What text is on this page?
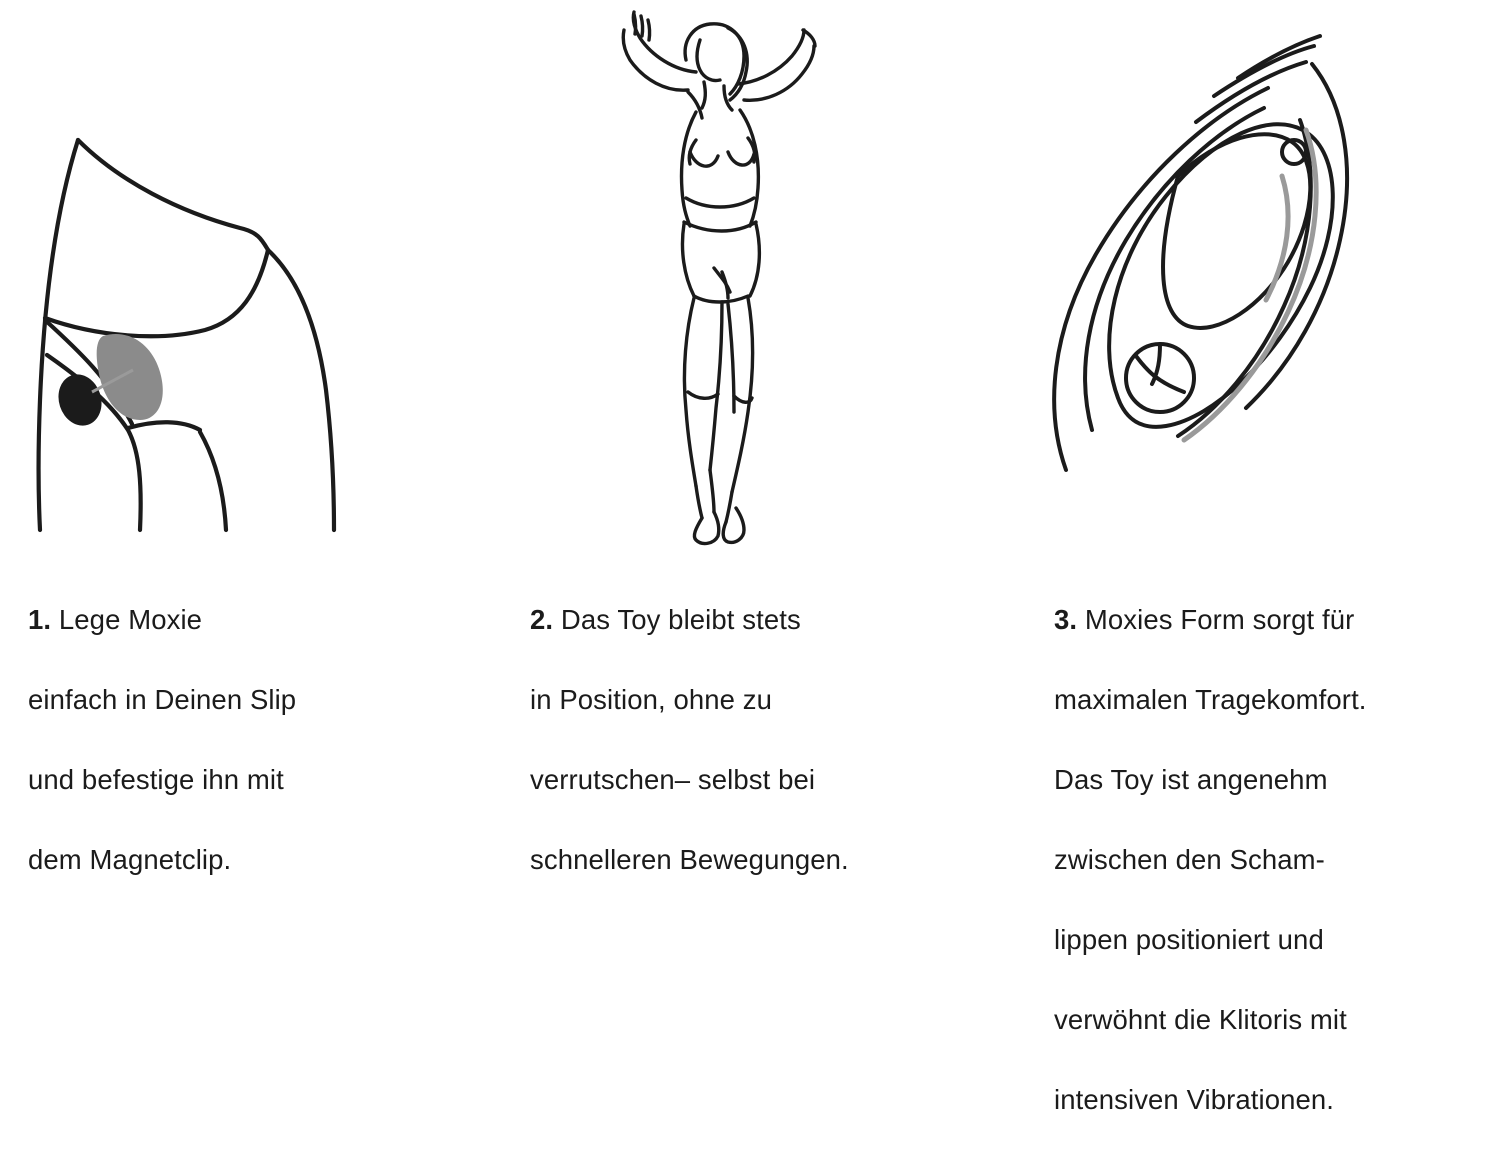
1. Lege Moxie

einfach in Deinen Slip

und befestige ihn mit

dem Magnetclip.

2. Das Toy bleibt stets

in Position, ohne zu

verrutschen– selbst bei

schnelleren Bewegungen.

3. Moxies Form sorgt für

maximalen Tragekomfort.

Das Toy ist angenehm

zwischen den Scham-

lippen positioniert und

verwöhnt die Klitoris mit

intensiven Vibrationen.
